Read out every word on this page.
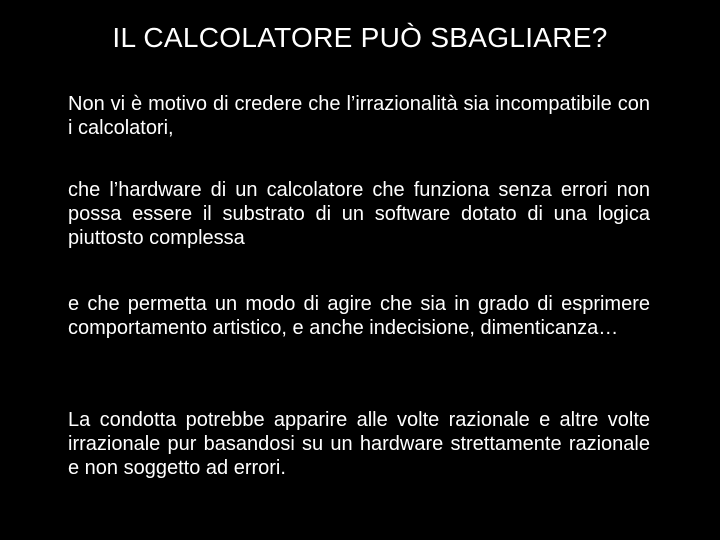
IL CALCOLATORE PUÒ SBAGLIARE?

Non vi è motivo di credere che l’irrazionalità sia incompatibile con i calcolatori,

che l’hardware di un calcolatore che funziona senza errori non possa essere il substrato di un software dotato di una logica piuttosto complessa

e che permetta un modo di agire che sia in grado di esprimere comportamento artistico, e anche indecisione, dimenticanza…

La condotta potrebbe apparire alle volte razionale e altre volte irrazionale pur basandosi su un hardware strettamente razionale e non soggetto ad errori.
